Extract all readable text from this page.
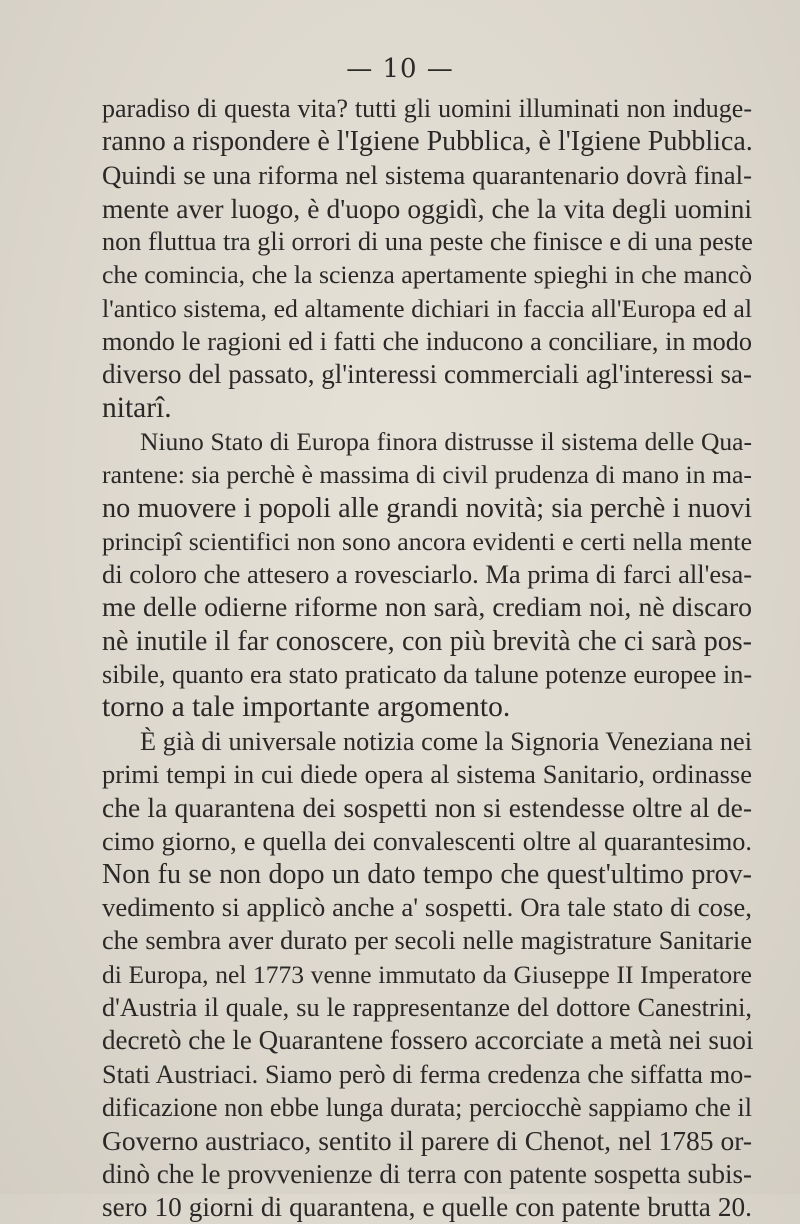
— 10 —
paradiso di questa vita? tutti gli uomini illuminati non induge-
ranno a rispondere è l'Igiene Pubblica, è l'Igiene Pubblica.
Quindi se una riforma nel sistema quarantenario dovrà final-
mente aver luogo, è d'uopo oggidì, che la vita degli uomini
non fluttua tra gli orrori di una peste che finisce e di una peste
che comincia, che la scienza apertamente spieghi in che mancò
l'antico sistema, ed altamente dichiari in faccia all'Europa ed al
mondo le ragioni ed i fatti che inducono a conciliare, in modo
diverso del passato, gl'interessi commerciali agl'interessi sa-
nitarî.
Niuno Stato di Europa finora distrusse il sistema delle Qua-
rantene: sia perchè è massima di civil prudenza di mano in ma-
no muovere i popoli alle grandi novità; sia perchè i nuovi
principî scientifici non sono ancora evidenti e certi nella mente
di coloro che attesero a rovesciarlo. Ma prima di farci all'esa-
me delle odierne riforme non sarà, crediam noi, nè discaro
nè inutile il far conoscere, con più brevità che ci sarà pos-
sibile, quanto era stato praticato da talune potenze europee in-
torno a tale importante argomento.
È già di universale notizia come la Signoria Veneziana nei
primi tempi in cui diede opera al sistema Sanitario, ordinasse
che la quarantena dei sospetti non si estendesse oltre al de-
cimo giorno, e quella dei convalescenti oltre al quarantesimo.
Non fu se non dopo un dato tempo che quest'ultimo prov-
vedimento si applicò anche a' sospetti. Ora tale stato di cose,
che sembra aver durato per secoli nelle magistrature Sanitarie
di Europa, nel 1773 venne immutato da Giuseppe II Imperatore
d'Austria il quale, su le rappresentanze del dottore Canestrini,
decretò che le Quarantene fossero accorciate a metà nei suoi
Stati Austriaci. Siamo però di ferma credenza che siffatta mo-
dificazione non ebbe lunga durata; perciocchè sappiamo che il
Governo austriaco, sentito il parere di Chenot, nel 1785 or-
dinò che le provvenienze di terra con patente sospetta subis-
sero 10 giorni di quarantena, e quelle con patente brutta 20.
